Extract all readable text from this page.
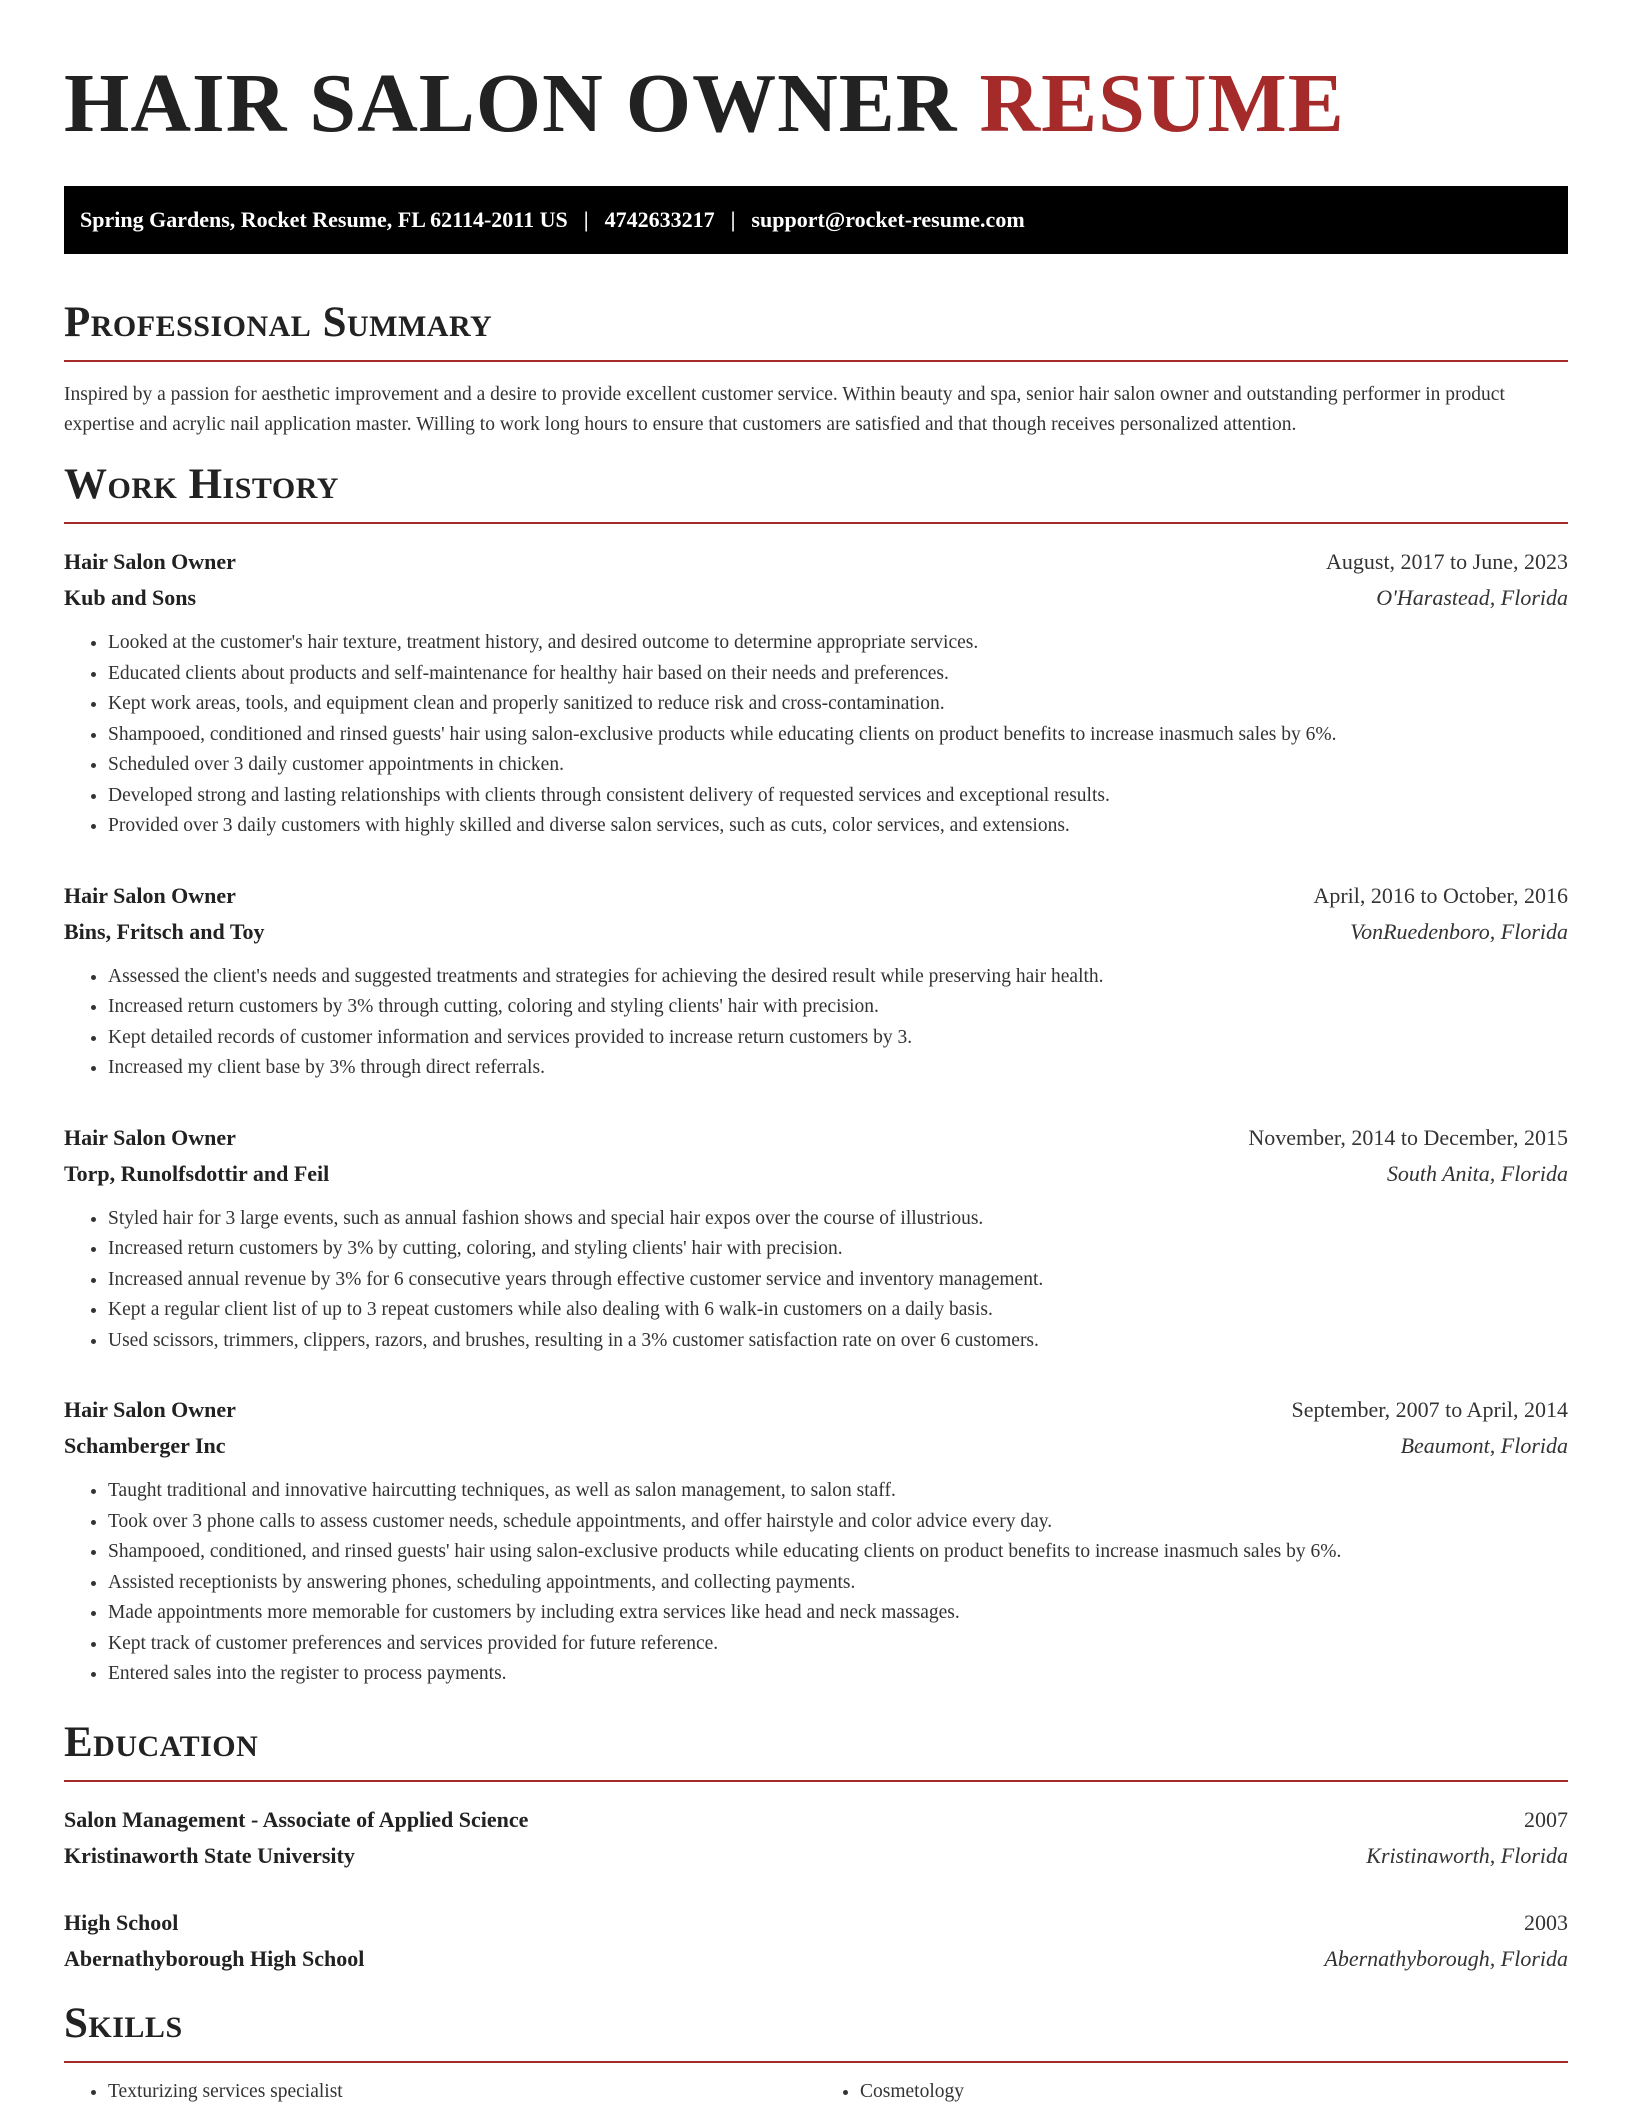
HAIR SALON OWNER RESUME
Spring Gardens, Rocket Resume, FL 62114-2011 US | 4742633217 | support@rocket-resume.com
Professional Summary

Inspired by a passion for aesthetic improvement and a desire to provide excellent customer service. Within beauty and spa, senior hair salon owner and outstanding performer in product expertise and acrylic nail application master. Willing to work long hours to ensure that customers are satisfied and that though receives personalized attention.

Work History
Hair Salon Owner	August, 2017 to June, 2023
Kub and Sons	O'Harastead, Florida
• Looked at the customer's hair texture, treatment history, and desired outcome to determine appropriate services.
• Educated clients about products and self-maintenance for healthy hair based on their needs and preferences.
• Kept work areas, tools, and equipment clean and properly sanitized to reduce risk and cross-contamination.
• Shampooed, conditioned and rinsed guests' hair using salon-exclusive products while educating clients on product benefits to increase inasmuch sales by 6%.
• Scheduled over 3 daily customer appointments in chicken.
• Developed strong and lasting relationships with clients through consistent delivery of requested services and exceptional results.
• Provided over 3 daily customers with highly skilled and diverse salon services, such as cuts, color services, and extensions.
Hair Salon Owner	April, 2016 to October, 2016
Bins, Fritsch and Toy	VonRuedenboro, Florida
• Assessed the client's needs and suggested treatments and strategies for achieving the desired result while preserving hair health.
• Increased return customers by 3% through cutting, coloring and styling clients' hair with precision.
• Kept detailed records of customer information and services provided to increase return customers by 3.
• Increased my client base by 3% through direct referrals.
Hair Salon Owner	November, 2014 to December, 2015
Torp, Runolfsdottir and Feil	South Anita, Florida
• Styled hair for 3 large events, such as annual fashion shows and special hair expos over the course of illustrious.
• Increased return customers by 3% by cutting, coloring, and styling clients' hair with precision.
• Increased annual revenue by 3% for 6 consecutive years through effective customer service and inventory management.
• Kept a regular client list of up to 3 repeat customers while also dealing with 6 walk-in customers on a daily basis.
• Used scissors, trimmers, clippers, razors, and brushes, resulting in a 3% customer satisfaction rate on over 6 customers.
Hair Salon Owner	September, 2007 to April, 2014
Schamberger Inc	Beaumont, Florida
• Taught traditional and innovative haircutting techniques, as well as salon management, to salon staff.
• Took over 3 phone calls to assess customer needs, schedule appointments, and offer hairstyle and color advice every day.
• Shampooed, conditioned, and rinsed guests' hair using salon-exclusive products while educating clients on product benefits to increase inasmuch sales by 6%.
• Assisted receptionists by answering phones, scheduling appointments, and collecting payments.
• Made appointments more memorable for customers by including extra services like head and neck massages.
• Kept track of customer preferences and services provided for future reference.
• Entered sales into the register to process payments.
Education
Salon Management - Associate of Applied Science	2007
Kristinaworth State University	Kristinaworth, Florida
High School	2003
Abernathyborough High School	Abernathyborough, Florida
Skills
• Texturizing services specialist
•	Cosmetology
